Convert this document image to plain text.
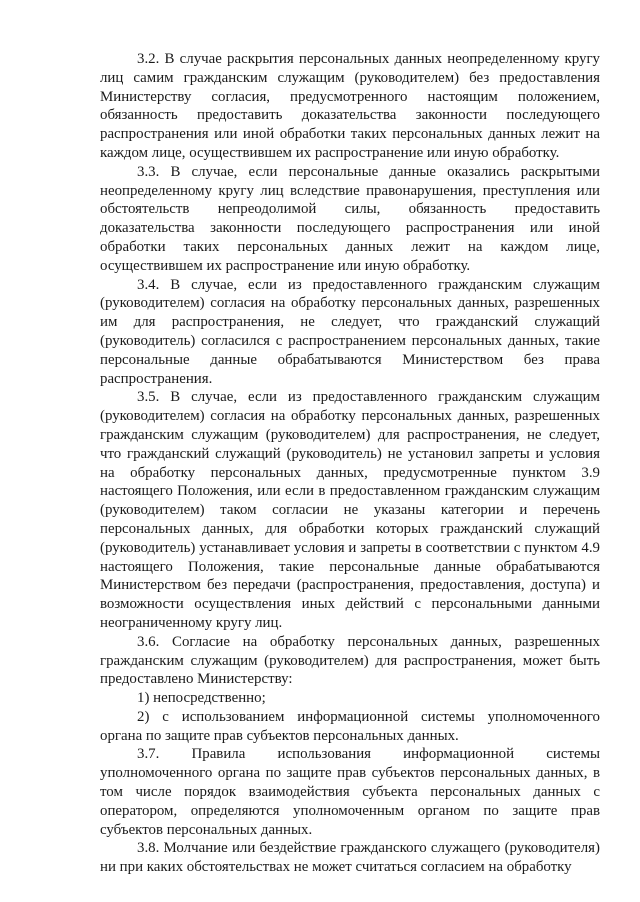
3.2. В случае раскрытия персональных данных неопределенному кругу лиц самим гражданским служащим (руководителем) без предоставления Министерству согласия, предусмотренного настоящим положением, обязанность предоставить доказательства законности последующего распространения или иной обработки таких персональных данных лежит на каждом лице, осуществившем их распространение или иную обработку.

3.3. В случае, если персональные данные оказались раскрытыми неопределенному кругу лиц вследствие правонарушения, преступления или обстоятельств непреодолимой силы, обязанность предоставить доказательства законности последующего распространения или иной обработки таких персональных данных лежит на каждом лице, осуществившем их распространение или иную обработку.

3.4. В случае, если из предоставленного гражданским служащим (руководителем) согласия на обработку персональных данных, разрешенных им для распространения, не следует, что гражданский служащий (руководитель) согласился с распространением персональных данных, такие персональные данные обрабатываются Министерством без права распространения.

3.5. В случае, если из предоставленного гражданским служащим (руководителем) согласия на обработку персональных данных, разрешенных гражданским служащим (руководителем) для распространения, не следует, что гражданский служащий (руководитель) не установил запреты и условия на обработку персональных данных, предусмотренные пунктом 3.9 настоящего Положения, или если в предоставленном гражданским служащим (руководителем) таком согласии не указаны категории и перечень персональных данных, для обработки которых гражданский служащий (руководитель) устанавливает условия и запреты в соответствии с пунктом 4.9 настоящего Положения, такие персональные данные обрабатываются Министерством без передачи (распространения, предоставления, доступа) и возможности осуществления иных действий с персональными данными неограниченному кругу лиц.

3.6. Согласие на обработку персональных данных, разрешенных гражданским служащим (руководителем) для распространения, может быть предоставлено Министерству:

1) непосредственно;

2) с использованием информационной системы уполномоченного органа по защите прав субъектов персональных данных.

3.7. Правила использования информационной системы уполномоченного органа по защите прав субъектов персональных данных, в том числе порядок взаимодействия субъекта персональных данных с оператором, определяются уполномоченным органом по защите прав субъектов персональных данных.

3.8. Молчание или бездействие гражданского служащего (руководителя) ни при каких обстоятельствах не может считаться согласием на обработку
